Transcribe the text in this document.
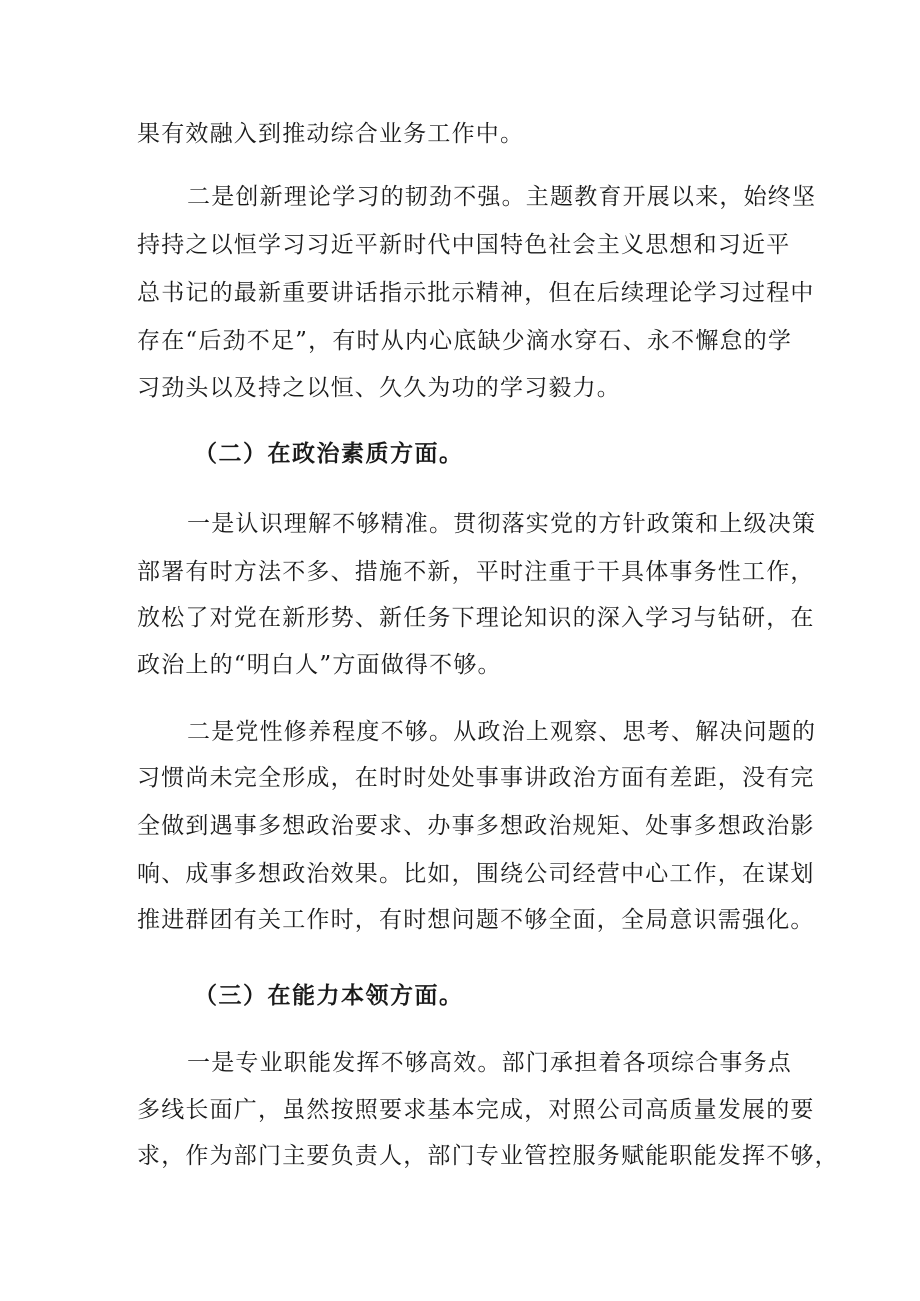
果有效融入到推动综合业务工作中。
二是创新理论学习的韧劲不强。主题教育开展以来，始终坚
持持之以恒学习习近平新时代中国特色社会主义思想和习近平
总书记的最新重要讲话指示批示精神，但在后续理论学习过程中
存在“后劲不足”，有时从内心底缺少滴水穿石、永不懈怠的学
习劲头以及持之以恒、久久为功的学习毅力。
（二）在政治素质方面。
一是认识理解不够精准。贯彻落实党的方针政策和上级决策
部署有时方法不多、措施不新，平时注重于干具体事务性工作，
放松了对党在新形势、新任务下理论知识的深入学习与钻研，在
政治上的“明白人”方面做得不够。
二是党性修养程度不够。从政治上观察、思考、解决问题的
习惯尚未完全形成，在时时处处事事讲政治方面有差距，没有完
全做到遇事多想政治要求、办事多想政治规矩、处事多想政治影
响、成事多想政治效果。比如，围绕公司经营中心工作，在谋划
推进群团有关工作时，有时想问题不够全面，全局意识需强化。
（三）在能力本领方面。
一是专业职能发挥不够高效。部门承担着各项综合事务点
多线长面广，虽然按照要求基本完成，对照公司高质量发展的要
求，作为部门主要负责人，部门专业管控服务赋能职能发挥不够，
